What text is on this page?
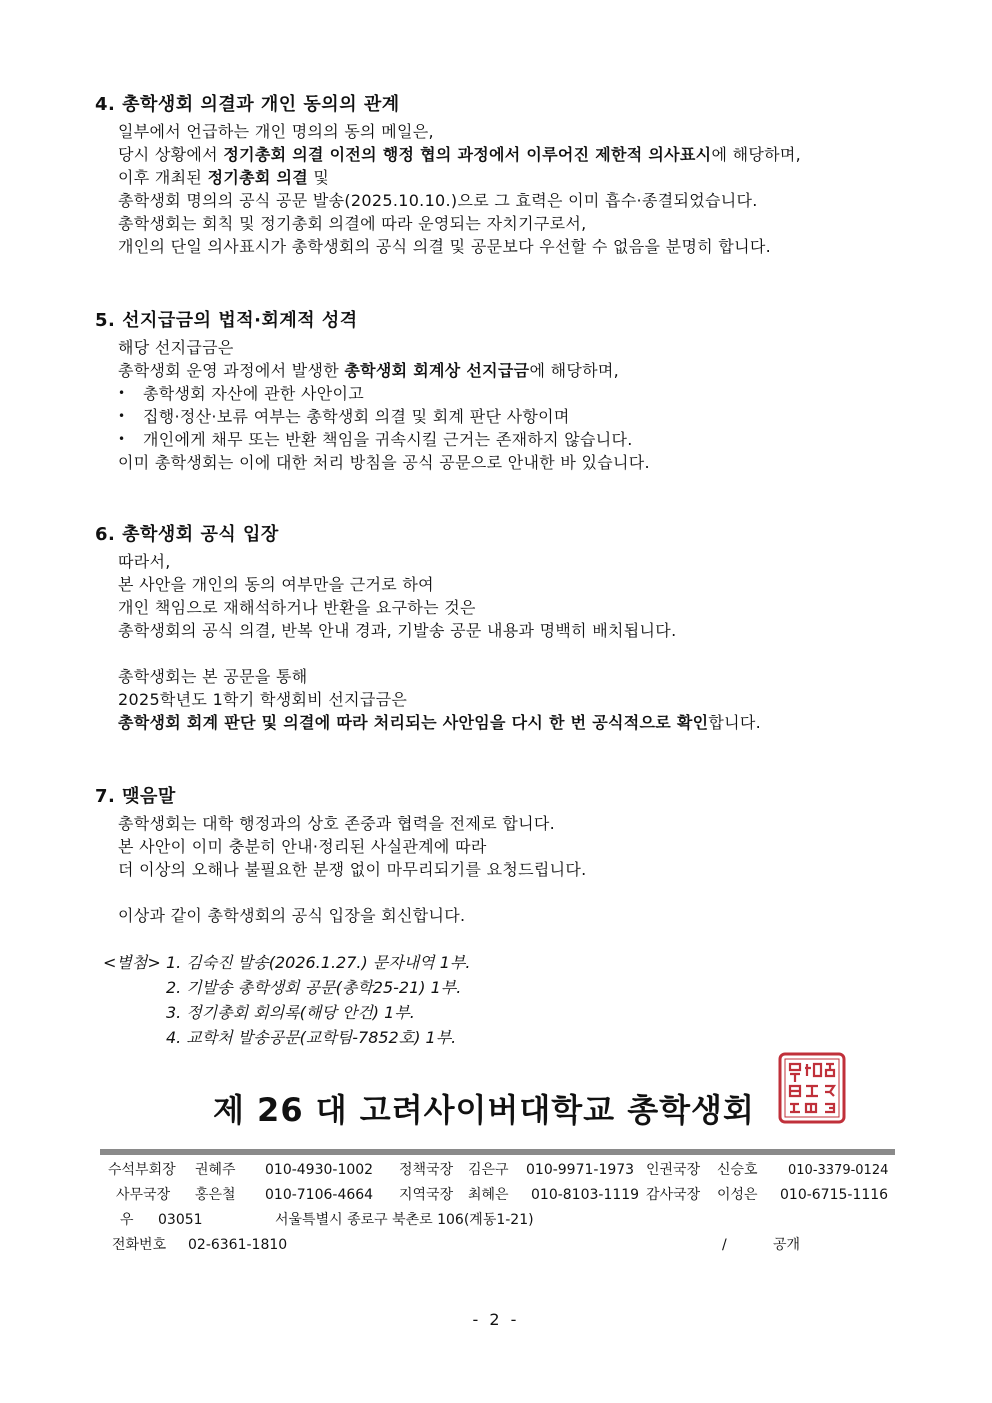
4. 총학생회 의결과 개인 동의의 관계
일부에서 언급하는 개인 명의의 동의 메일은,
당시 상황에서 정기총회 의결 이전의 행정 협의 과정에서 이루어진 제한적 의사표시에 해당하며,
이후 개최된 정기총회 의결 및
총학생회 명의의 공식 공문 발송(2025.10.10.)으로 그 효력은 이미 흡수·종결되었습니다.
총학생회는 회칙 및 정기총회 의결에 따라 운영되는 자치기구로서,
개인의 단일 의사표시가 총학생회의 공식 의결 및 공문보다 우선할 수 없음을 분명히 합니다.
5. 선지급금의 법적·회계적 성격
해당 선지급금은
총학생회 운영 과정에서 발생한 총학생회 회계상 선지급금에 해당하며,
•	총학생회 자산에 관한 사안이고
•	집행·정산·보류 여부는 총학생회 의결 및 회계 판단 사항이며
•	개인에게 채무 또는 반환 책임을 귀속시킬 근거는 존재하지 않습니다.
이미 총학생회는 이에 대한 처리 방침을 공식 공문으로 안내한 바 있습니다.
6. 총학생회 공식 입장
따라서,
본 사안을 개인의 동의 여부만을 근거로 하여
개인 책임으로 재해석하거나 반환을 요구하는 것은
총학생회의 공식 의결, 반복 안내 경과, 기발송 공문 내용과 명백히 배치됩니다.
총학생회는 본 공문을 통해
2025학년도 1학기 학생회비 선지급금은
총학생회 회계 판단 및 의결에 따라 처리되는 사안임을 다시 한 번 공식적으로 확인합니다.
7. 맺음말
총학생회는 대학 행정과의 상호 존중과 협력을 전제로 합니다.
본 사안이 이미 충분히 안내·정리된 사실관계에 따라
더 이상의 오해나 불필요한 분쟁 없이 마무리되기를 요청드립니다.
이상과 같이 총학생회의 공식 입장을 회신합니다.
<별첨> 1. 김숙진 발송(2026.1.27.) 문자내역 1부.
2. 기발송 총학생회 공문(총학25-21) 1부.
3. 정기총회 회의록(해당 안건) 1부.
4. 교학처 발송공문(교학팀-7852호) 1부.
제 26 대 고려사이버대학교 총학생회
수석부회장 권혜주 010-4930-1002 정책국장 김은구 010-9971-1973 인권국장 신승호 010-3379-0124
사무국장 홍은철 010-7106-4664 지역국장 최혜은 010-8103-1119 감사국장 이성은 010-6715-1116
우 03051	서울특별시 종로구 북촌로 106(계동1-21)
전화번호 02-6361-1810	/	공개
- 2 -
